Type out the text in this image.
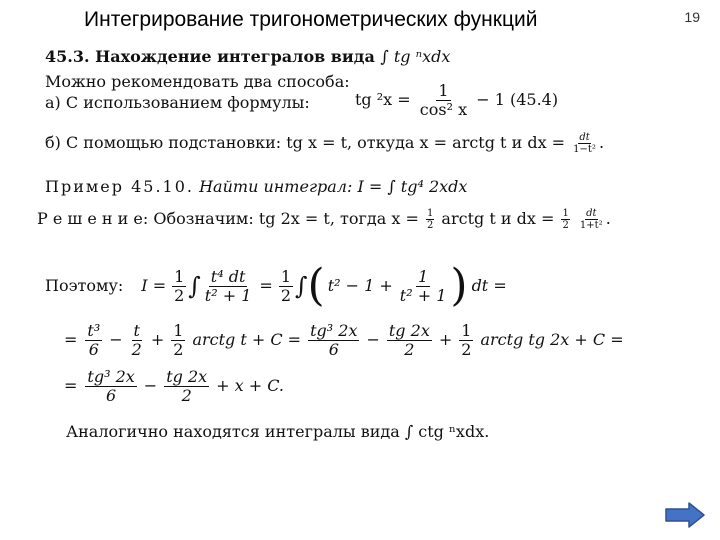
Интегрирование тригонометрических функций	19
45.3. Нахождение интегралов вида ∫ tg ⁿxdx
Можно рекомендовать два способа:
а) С использованием формулы:	tg $^2x = \frac{1}{\text{cos² x}} - 1$ (45.4)
б) С помощью подстановки: tg x = t, откуда x = arctg t и dx = $\frac{dt}{\text{1−t²}}$ .
Пример 45.10. Найти интеграл: I = ∫ tg⁴ 2xdx
Р е ш е н и е: Обозначим: tg 2x = t, тогда $x = \frac{1}{2}$ arctg t и dx = $\frac{1}{2}$
$\frac{dt}{\text{1+t²}}$ .
Поэтому: $I = \frac{1}{2}$ ∫ $\frac{\text{t⁴ dt}}{\text{t² + 1}} = \frac{1}{2}$ ∫ ( $t^2 - 1 + \frac{1}{\text{t² + 1}}$ ) dt =
= $\frac{\text{t³}}{6} - \frac{t}{2} + \frac{1}{2}$ arctg $t + C = \frac{\text{tg³ 2x}}{6} - \frac{tg 2x}{2} + \frac{1}{2}$ arctg tg 2x + C =
= $\frac{\text{tg³ 2x}}{6} - \frac{tg 2x}{2} + x + C$.
Аналогично находятся интегралы вида ∫ ctg ⁿxdx.
